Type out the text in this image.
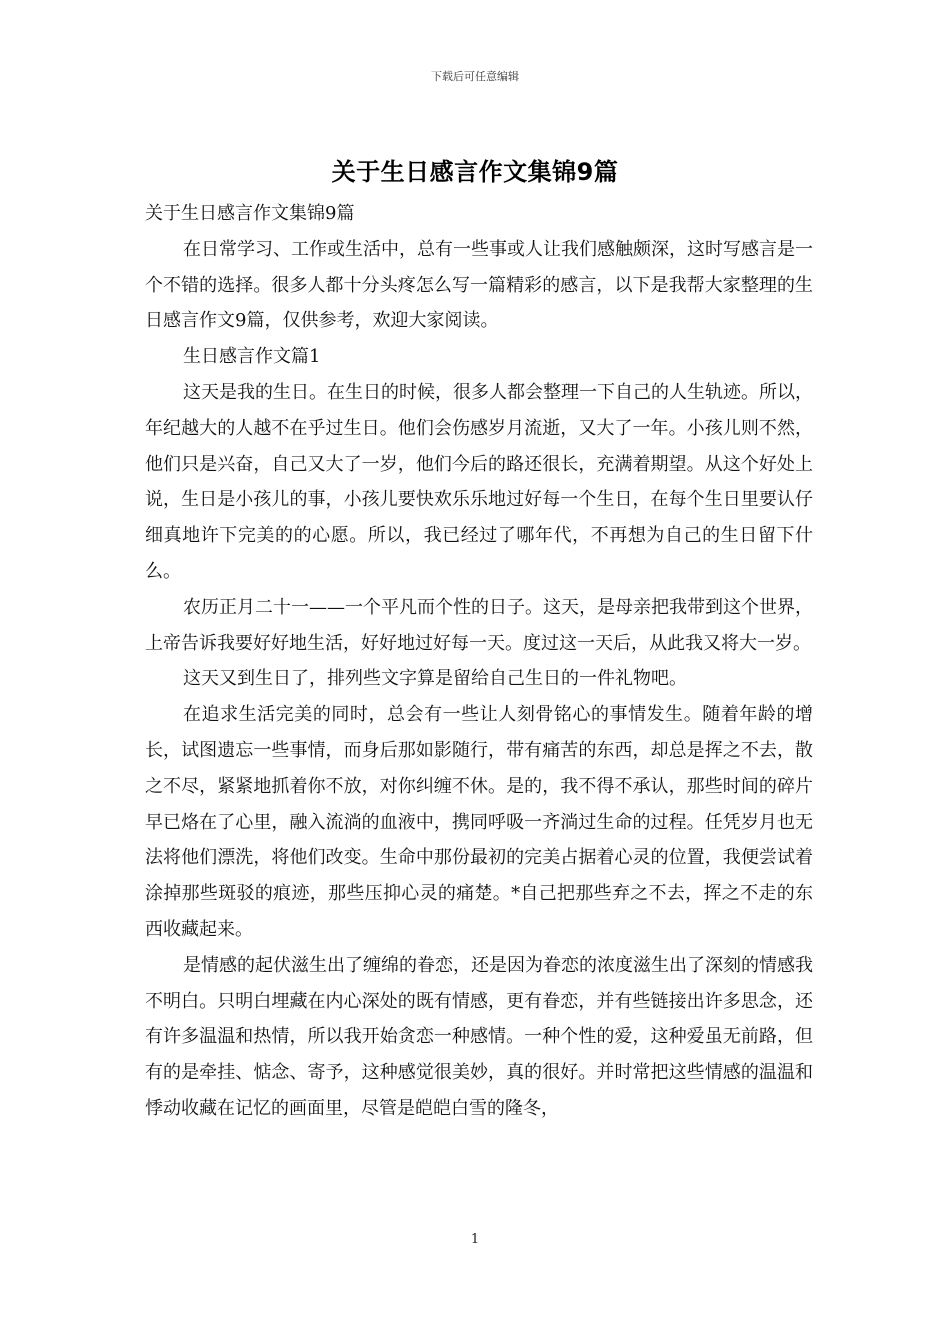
下载后可任意编辑
关于生日感言作文集锦9篇

关于生日感言作文集锦9篇

在日常学习、工作或生活中，总有一些事或人让我们感触颇深，这时写感言是一个不错的选择。很多人都十分头疼怎么写一篇精彩的感言，以下是我帮大家整理的生日感言作文9篇，仅供参考，欢迎大家阅读。

生日感言作文篇1

这天是我的生日。在生日的时候，很多人都会整理一下自己的人生轨迹。所以，年纪越大的人越不在乎过生日。他们会伤感岁月流逝，又大了一年。小孩儿则不然，他们只是兴奋，自己又大了一岁，他们今后的路还很长，充满着期望。从这个好处上说，生日是小孩儿的事，小孩儿要快欢乐乐地过好每一个生日，在每个生日里要认仔细真地许下完美的的心愿。所以，我已经过了哪年代，不再想为自己的生日留下什么。

农历正月二十一——一个平凡而个性的日子。这天，是母亲把我带到这个世界，上帝告诉我要好好地生活，好好地过好每一天。度过这一天后，从此我又将大一岁。

这天又到生日了，排列些文字算是留给自己生日的一件礼物吧。

在追求生活完美的同时，总会有一些让人刻骨铭心的事情发生。随着年龄的增长，试图遗忘一些事情，而身后那如影随行，带有痛苦的东西，却总是挥之不去，散之不尽，紧紧地抓着你不放，对你纠缠不休。是的，我不得不承认，那些时间的碎片早已烙在了心里，融入流淌的血液中，携同呼吸一齐淌过生命的过程。任凭岁月也无法将他们漂洗，将他们改变。生命中那份最初的完美占据着心灵的位置，我便尝试着涂掉那些斑驳的痕迹，那些压抑心灵的痛楚。*自己把那些弃之不去，挥之不走的东西收藏起来。

是情感的起伏滋生出了缠绵的眷恋，还是因为眷恋的浓度滋生出了深刻的情感我不明白。只明白埋藏在内心深处的既有情感，更有眷恋，并有些链接出许多思念，还有许多温温和热情，所以我开始贪恋一种感情。一种个性的爱，这种爱虽无前路，但有的是牵挂、惦念、寄予，这种感觉很美妙，真的很好。并时常把这些情感的温温和悸动收藏在记忆的画面里，尽管是皑皑白雪的隆冬，

1
